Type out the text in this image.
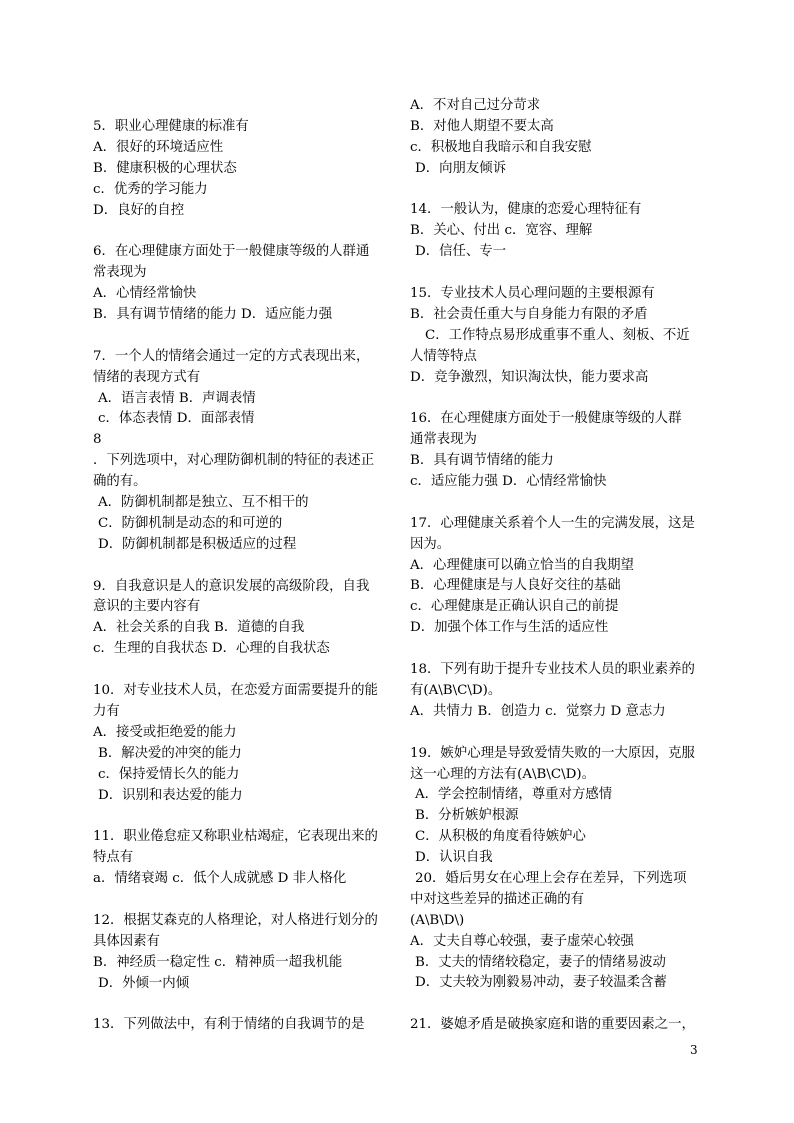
5．职业心理健康的标准有
A．很好的环境适应性
B．健康积极的心理状态
c．优秀的学习能力
D．良好的自控
6．在心理健康方面处于一般健康等级的人群通
常表现为
A．心情经常愉快
B．具有调节情绪的能力 D．适应能力强
7．一个人的情绪会通过一定的方式表现出来，
情绪的表现方式有
A．语言表情 B．声调表情
c．体态表情 D．面部表情
8
．下列选项中，对心理防御机制的特征的表述正
确的有。
A．防御机制都是独立、互不相干的
C．防御机制是动态的和可逆的
D．防御机制都是积极适应的过程
9．自我意识是人的意识发展的高级阶段，自我
意识的主要内容有
A．社会关系的自我 B．道德的自我
c．生理的自我状态 D．心理的自我状态
10．对专业技术人员，在恋爱方面需要提升的能
力有
A．接受或拒绝爱的能力
B．解决爱的冲突的能力
c．保持爱情长久的能力
D．识别和表达爱的能力
11．职业倦怠症又称职业枯竭症，它表现出来的
特点有
a．情绪衰竭 c．低个人成就感 D 非人格化
12．根据艾森克的人格理论，对人格进行划分的
具体因素有
B．神经质一稳定性 c．精神质一超我机能
D．外倾一内倾
13．下列做法中，有利于情绪的自我调节的是
A．不对自己过分苛求
B．对他人期望不要太高
c．积极地自我暗示和自我安慰
D．向朋友倾诉
14．一般认为，健康的恋爱心理特征有
B．关心、付出 c．宽容、理解
D．信任、专一
15．专业技术人员心理问题的主要根源有
B．社会责任重大与自身能力有限的矛盾
C．工作特点易形成重事不重人、刻板、不近
人情等特点
D．竞争激烈，知识淘汰快，能力要求高
16．在心理健康方面处于一般健康等级的人群
通常表现为
B．具有调节情绪的能力
c．适应能力强 D．心情经常愉快
17．心理健康关系着个人一生的完满发展，这是
因为。
A．心理健康可以确立恰当的自我期望
B．心理健康是与人良好交往的基础
c．心理健康是正确认识自己的前提
D．加强个体工作与生活的适应性
18．下列有助于提升专业技术人员的职业素养的
有(A\B\C\D)。
A．共情力 B．创造力 c．觉察力 D 意志力
19．嫉妒心理是导致爱情失败的一大原因，克服
这一心理的方法有(A\B\C\D)。
A．学会控制情绪，尊重对方感情
B．分析嫉妒根源
C．从积极的角度看待嫉妒心
D．认识自我
20．婚后男女在心理上会存在差异，下列选项
中对这些差异的描述正确的有
(A\B\D\)
A．丈夫自尊心较强，妻子虚荣心较强
B．丈夫的情绪较稳定，妻子的情绪易波动
D．丈夫较为刚毅易冲动，妻子较温柔含蓄
21．婆媳矛盾是破换家庭和谐的重要因素之一，
3
